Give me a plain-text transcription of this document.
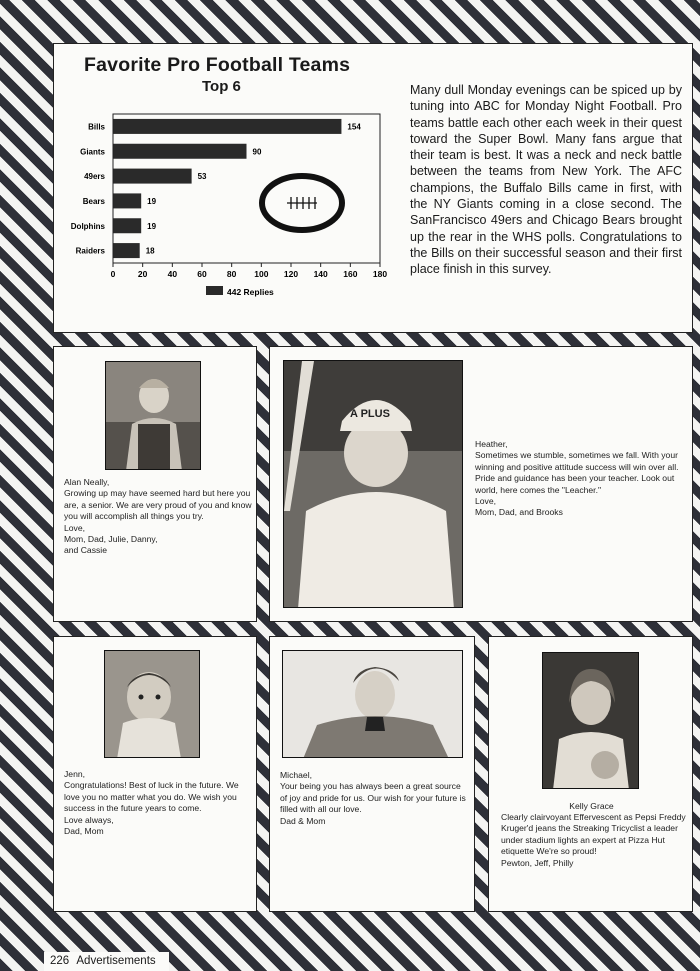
Bills	154
Giants	90
49ers	53
Bears	19
Dolphins	19
Raiders	18
0	20 40 60 80 100 120 140 160 180
442 Replies
Favorite Pro Football Teams
Top 6	Many dull Monday evenings can be spiced up by tuning into ABC for Monday Night Football. Pro teams battle each other each week in their quest toward the Super Bowl. Many fans argue that their team is best. It was a neck and neck battle between the teams from New York. The AFC champions, the Buffalo Bills came in first, with the NY Giants coming in a close second. The SanFrancisco 49ers and Chicago Bears brought up the rear in the WHS polls. Congratulations to the Bills on their successful season and their first place finish in this survey.

Alan Neally,
Growing up may have seemed hard but here you are, a senior. We are very proud of you and know you will accomplish all things you try.
Love,
Mom, Dad, Julie, Danny,
and Cassie
A PLUS
Heather,
Sometimes we stumble, sometimes we fall. With your winning and positive attitude success will win over all.
Pride and guidance has been your teacher. Look out world, here comes the "Leacher."
Love,
Mom, Dad, and Brooks
Jenn,
Congratulations! Best of luck in the future. We love you no matter what you do. We wish you success in the future years to come.
Love always,
Dad, Mom
Michael,
Your being you has always been a great source of joy and pride for us. Our wish for your future is filled with all our love.
Dad & Mom
Kelly Grace
Clearly clairvoyant Effervescent as Pepsi Freddy Kruger'd jeans the Streaking Tricyclist a leader under stadium lights an expert at Pizza Hut etiquette We're so proud!
Pewton, Jeff, Philly
226 Advertisements
